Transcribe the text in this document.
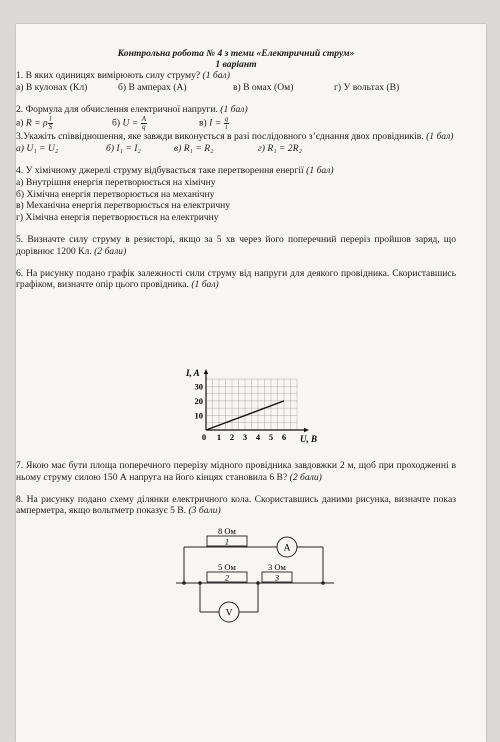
Контрольна робота № 4 з теми «Електричний струм»
1 варіант

1. В яких одиницях вимірюють силу струму? (1 бал)

а) В кулонах (Кл)	б) В амперах (А)	в) В омах (Ом)	г) У вольтах (В)

2. Формула для обчислення електричної напруги. (1 бал)

а) R = ρ $\frac{l}{S}$	б) $U = \frac{A}{q}$	в) $I = \frac{q}{t}$

3.Укажіть співвідношення, яке завжди виконується в разі послідовного з’єднання двох провідників. (1 бал)

а) U₁ = U₂	б) I₁ = I₂	в) R₁ = R₂	г) R₁ = 2R₂

4. У хімічному джерелі струму відбувається таке перетворення енергії (1 бал)

а) Внутрішня енергія перетворюється на хімічну

б) Хімічна енергія перетворюється на механічну

в) Механічна енергія перетворюється на електричну

г) Хімічна енергія перетворюється на електричну

5. Визначте силу струму в резисторі, якщо за 5 хв через його поперечний переріз пройшов заряд, що дорівнює 1200 Кл. (2 бали)

6. На рисунку подано графік залежності сили струму від напруги для деякого провідника. Скориставшись графіком, визначте опір цього провідника. (1 бал)

I, A
U, B
0 1 2 3 4 5 6
10
20
30

7. Якою має бути площа поперечного перерізу мідного провідника завдовжки 2 м, щоб при проходженні в ньому струму силою 150 А напруга на його кінцях становила 6 В? (2 бали)

8. На рисунку подано схему ділянки електричного кола. Скориставшись даними рисунка, визначте показ амперметра, якщо вольтметр показує 5 В. (3 бали)

8 Ом
1
A
5 Ом
2
3 Ом
3
V
